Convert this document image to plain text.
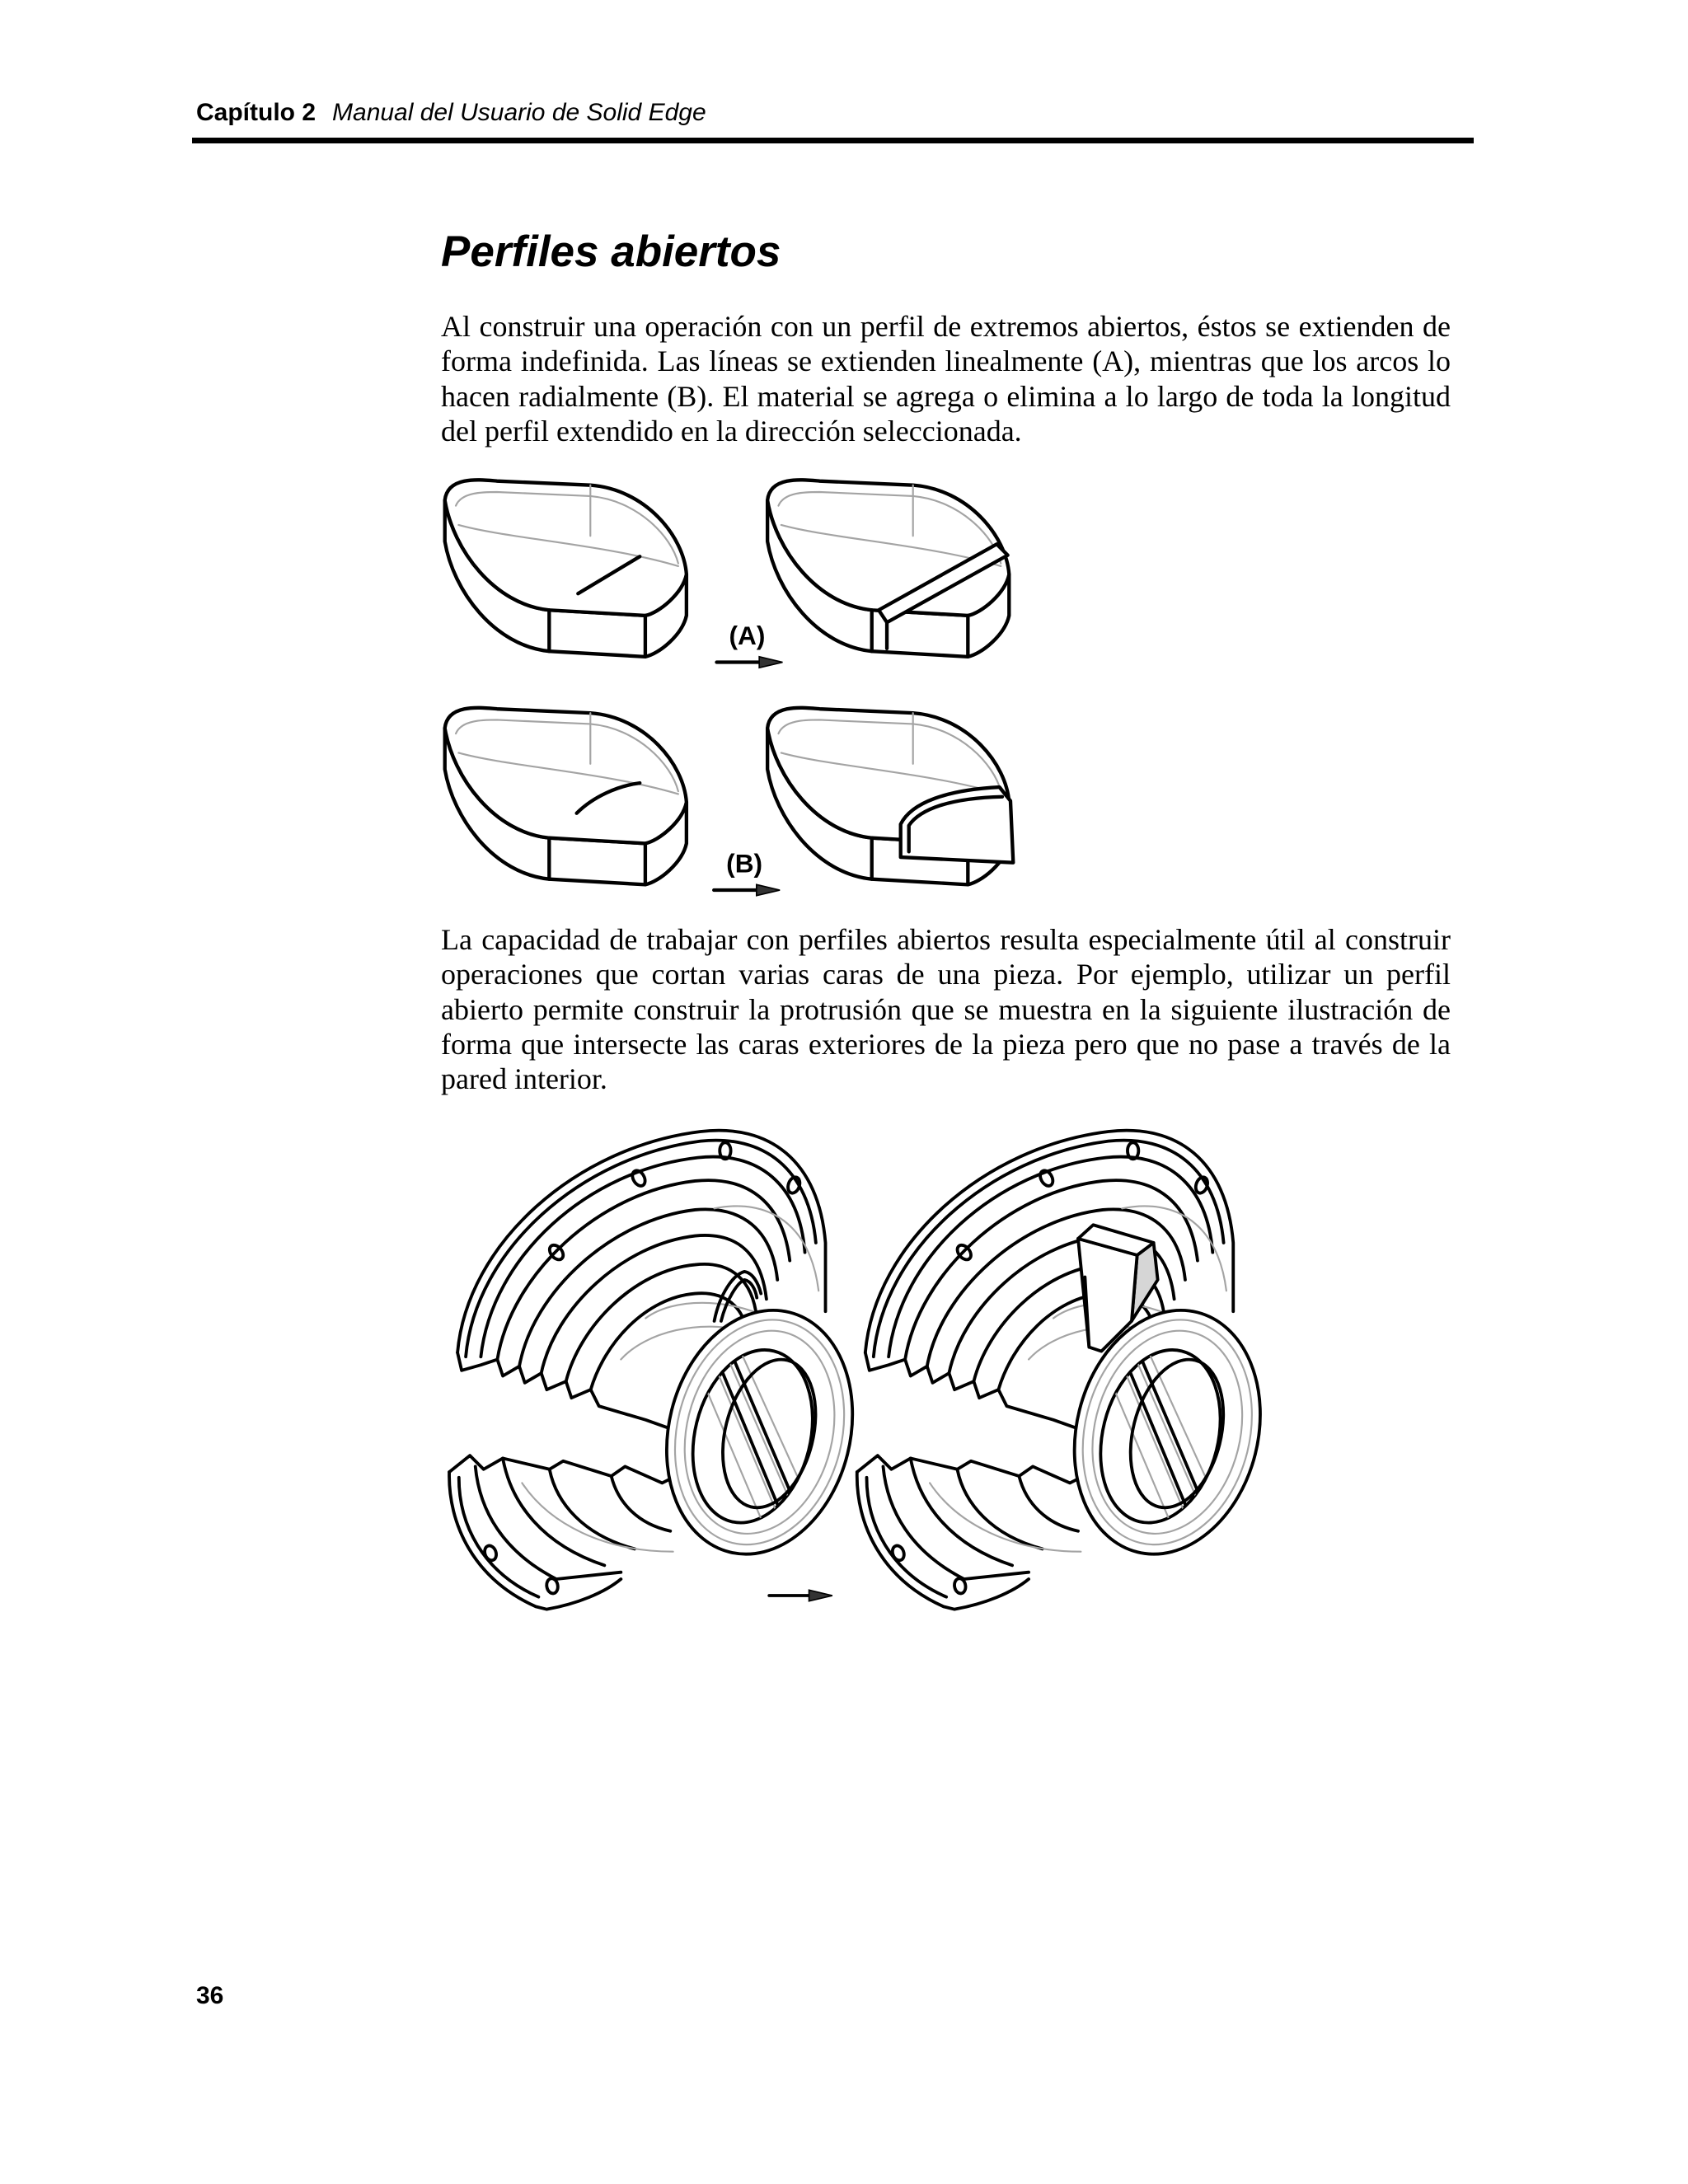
Capítulo 2 Manual del Usuario de Solid Edge
Perfiles abiertos
Al construir una operación con un perfil de extremos abiertos, éstos se extienden de
forma indefinida. Las líneas se extienden linealmente (A), mientras que los arcos lo
hacen radialmente (B). El material se agrega o elimina a lo largo de toda la longitud
del perfil extendido en la dirección seleccionada.
(A)
(B)
La capacidad de trabajar con perfiles abiertos resulta especialmente útil al construir
operaciones que cortan varias caras de una pieza. Por ejemplo, utilizar un perfil
abierto permite construir la protrusión que se muestra en la siguiente ilustración de
forma que intersecte las caras exteriores de la pieza pero que no pase a través de la
pared interior.
36
